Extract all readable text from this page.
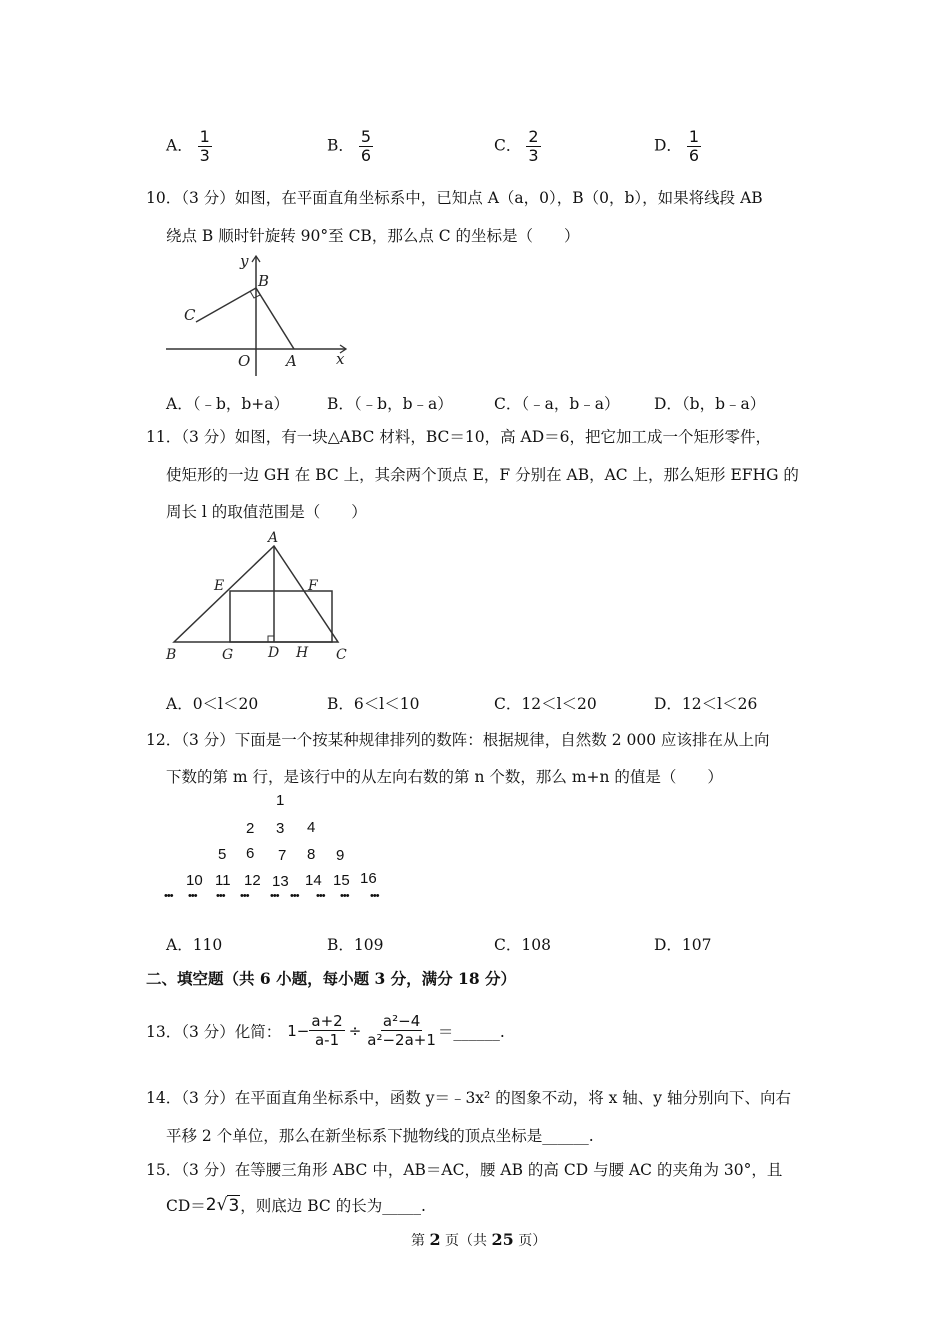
A． $\frac{1}{3}$	B． $\frac{5}{6}$	C． $\frac{2}{3}$	D． $\frac{1}{6}$
10．（3 分）如图，在平面直角坐标系中，已知点 A（a，0），B（0，b），如果将线段 AB
绕点 B 顺时针旋转 90°至 CB，那么点 C 的坐标是（　　）
y
B
C
O A	x
A．（﹣b，b+a） B．（﹣b，b﹣a）	C．（﹣a，b﹣a） D．（b，b﹣a）
11．（3 分）如图，有一块△ABC 材料，BC＝10，高 AD＝6，把它加工成一个矩形零件，
使矩形的一边 GH 在 BC 上，其余两个顶点 E，F 分别在 AB，AC 上，那么矩形 EFHG 的
周长 l 的取值范围是（　　）
A
E	F
B	G D H C
A．0＜l＜20	B．6＜l＜10	C．12＜l＜20	D．12＜l＜26
12．（3 分）下面是一个按某种规律排列的数阵：根据规律，自然数 2 000 应该排在从上向
下数的第 m 行，是该行中的从左向右数的第 n 个数，那么 m+n 的值是（　　）
1
2 3 4
5 6 7 8 9
10 11 12 13 14 15 16
••• ••• ••• ••• ••• ••• ••• ••• •••
A．110	B．109	C．108	D．107
二、填空题（共 6 小题，每小题 3 分，满分 18 分）
13．（3 分）化简： $1- \frac{a+2}{a-1} \div \frac{\text{a²−4}}{\text{a²−2a+1}}$ ＝______.
14．（3 分）在平面直角坐标系中，函数 y＝﹣3x² 的图象不动，将 x 轴、y 轴分别向下、向右
平移 2 个单位，那么在新坐标系下抛物线的顶点坐标是______.
15．（3 分）在等腰三角形 ABC 中，AB＝AC，腰 AB 的高 CD 与腰 AC 的夹角为 30°，且
CD＝ 2 √ 3 ，则底边 BC 的长为_____.
第 2 页（共 25 页）
